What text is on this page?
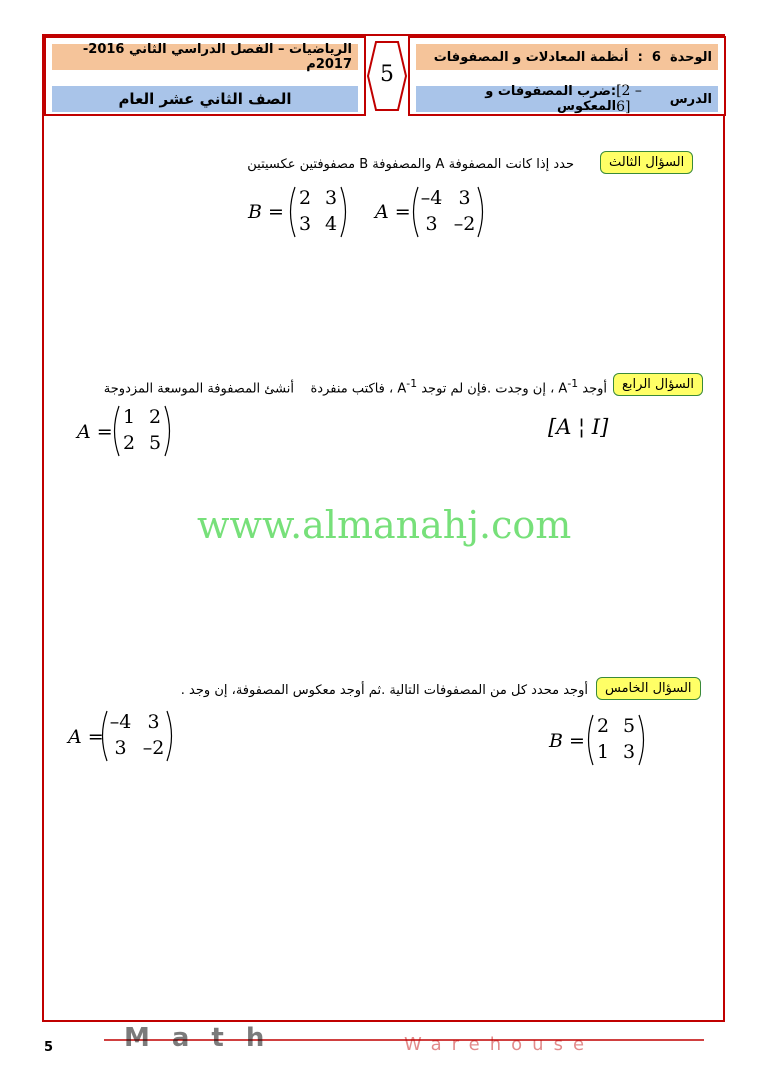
الرياضيات – الفصل الدراسي الثاني 2016-2017م
الصف الثاني عشر العام
5
الوحدة

6

:

أنظمة المعادلات و المصفوفات
الدرس

[2 – 6]
:ضرب المصفوفات و المعكوس
السؤال الثالث
حدد إذا كانت المصفوفة A والمصفوفة B مصفوفتين عكسيتين
B =
2 3
3 4
A =
–4 3
3 –2
السؤال الرابع
أوجد $A^{-1}$ ، إن وجدت .فإن لم توجد $A^{-1}$ ، فاكتب منفردة    أنشئ المصفوفة الموسعة المزدوجة
A =
1 2
2 5
[A ¦ I]
www.almanahj.com
السؤال الخامس
أوجد محدد كل من المصفوفات التالية .ثم أوجد معكوس المصفوفة، إن وجد .
A =
–4 3
3 –2	B =
2 5
1 3
Math	Warehouse
5
